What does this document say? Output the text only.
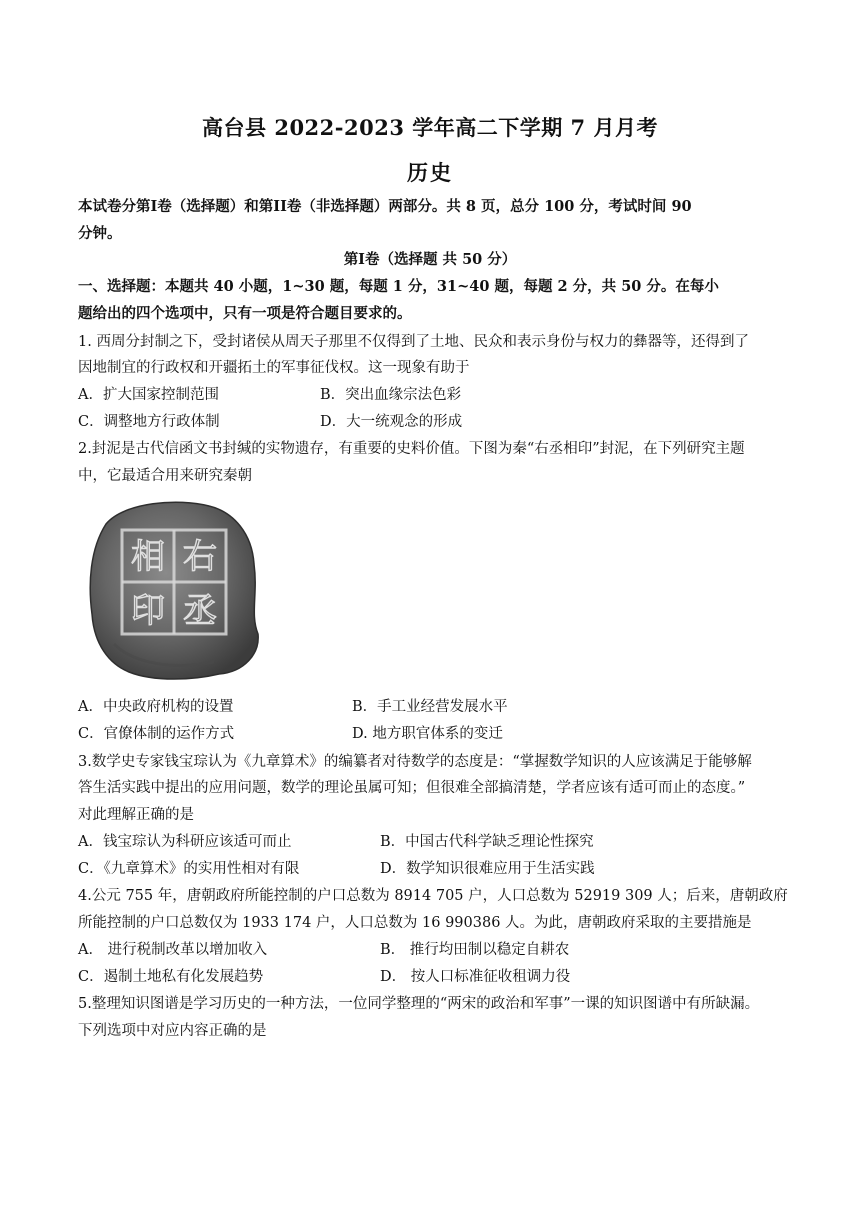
高台县 2022-2023 学年高二下学期 7 月月考
历史
本试卷分第I卷（选择题）和第II卷（非选择题）两部分。共 8 页，总分 100 分，考试时间 90
分钟。
第I卷（选择题 共 50 分）
一、选择题：本题共 40 小题，1~30 题，每题 1 分，31~40 题，每题 2 分，共 50 分。在每小
题给出的四个选项中，只有一项是符合题目要求的。
1. 西周分封制之下，受封诸侯从周天子那里不仅得到了土地、民众和表示身份与权力的彝器等，还得到了
因地制宜的行政权和开疆拓土的军事征伐权。这一现象有助于
A．扩大国家控制范围	B．突出血缘宗法色彩
C．调整地方行政体制	D．大一统观念的形成
2.封泥是古代信函文书封缄的实物遗存，有重要的史料价值。下图为秦“右丞相印”封泥，在下列研究主题
中，它最适合用来研究秦朝
右
丞
相
印
A．中央政府机构的设置	B．手工业经营发展水平
C．官僚体制的运作方式	D. 地方职官体系的变迁
3.数学史专家钱宝琮认为《九章算术》的编纂者对待数学的态度是：“掌握数学知识的人应该满足于能够解
答生活实践中提出的应用问题，数学的理论虽属可知；但很难全部搞清楚，学者应该有适可而止的态度。”
对此理解正确的是
A．钱宝琮认为科研应该适可而止	B．中国古代科学缺乏理论性探究
C．《九章算术》的实用性相对有限	D．数学知识很难应用于生活实践
4.公元 755 年，唐朝政府所能控制的户口总数为 8914 705 户，人口总数为 52919 309 人；后来，唐朝政府
所能控制的户口总数仅为 1933 174 户，人口总数为 16 990386 人。为此，唐朝政府采取的主要措施是
A． 进行税制改革以增加收入	B． 推行均田制以稳定自耕农
C．遏制土地私有化发展趋势	D． 按人口标准征收租调力役
5.整理知识图谱是学习历史的一种方法，一位同学整理的“两宋的政治和军事”一课的知识图谱中有所缺漏。
下列选项中对应内容正确的是
